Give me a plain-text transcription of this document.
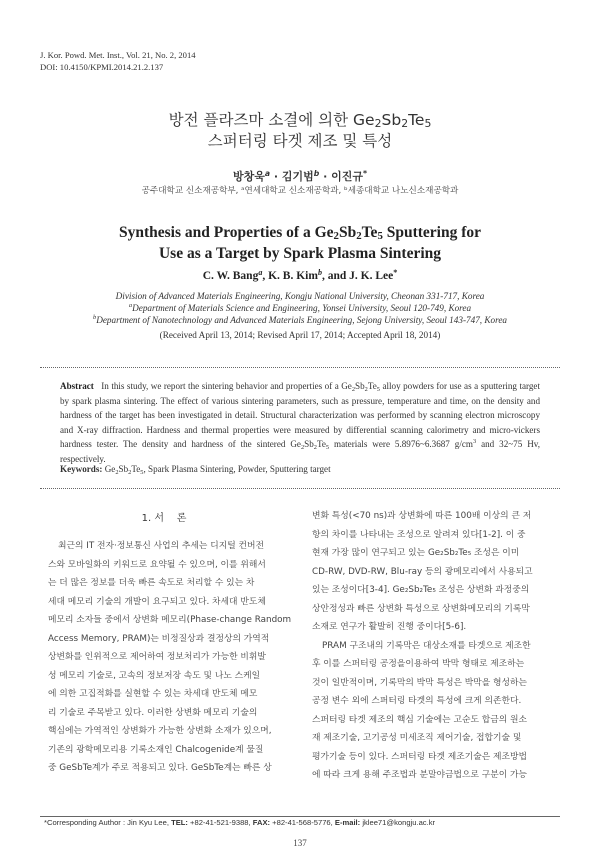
J. Kor. Powd. Met. Inst., Vol. 21, No. 2, 2014
DOI: 10.4150/KPMI.2014.21.2.137
방전 플라즈마 소결에 의한 $Ge_2Sb_2Te_5$
스퍼터링 타겟 제조 및 특성
방창욱$^a$ · 김기범$^b$ · 이진규*
공주대학교 신소재공학부, ᵃ연세대학교 신소재공학과, ᵇ세종대학교 나노신소재공학과
Synthesis and Properties of a $Ge_2Sb_2Te_5$ Sputtering for
Use as a Target by Spark Plasma Sintering
C. W. Bang$^a$, K. B. Kim$^b$, and J. K. Lee*
Division of Advanced Materials Engineering, Kongju National University, Cheonan 331-717, Korea
$^a$Department of Materials Science and Engineering, Yonsei University, Seoul 120-749, Korea
$^b$Department of Nanotechnology and Advanced Materials Engineering, Sejong University, Seoul 143-747, Korea
(Received April 13, 2014; Revised April 17, 2014; Accepted April 18, 2014)
Abstract In this study, we report the sintering behavior and properties of a $Ge_2Sb_2Te_5$ alloy powders for use as a sputtering target by spark plasma sintering. The effect of various sintering parameters, such as pressure, temperature and time, on the density and hardness of the target has been investigated in detail. Structural characterization was performed by scanning electron microscopy and X-ray diffraction. Hardness and thermal properties were measured by differential scanning calorimetry and micro-vickers hardness tester. The density and hardness of the sintered $Ge_2Sb_2Te_5$ materials were 5.8976~6.3687 $g/cm^3$ and 32~75 Hv, respectively.
Keywords: $Ge_2Sb_2Te_5$, Spark Plasma Sintering, Powder, Sputtering target
1. 서    론

최근의 IT 전자·정보통신 사업의 추세는 디지털 컨버전

스와 모바일화의 키워드로 요약될 수 있으며, 이를 위해서

는 더 많은 정보를 더욱 빠른 속도로 처리할 수 있는 차

세대 메모리 기술의 개발이 요구되고 있다. 차세대 반도체

메모리 소자들 중에서 상변화 메모리(Phase-change Random

Access Memory, PRAM)는 비정질상과 결정상의 가역적

상변화를 인위적으로 제어하여 정보처리가 가능한 비휘발

성 메모리 기술로, 고속의 정보저장 속도 및 나노 스케일

에 의한 고집적화를 실현할 수 있는 차세대 반도체 메모

리 기술로 주목받고 있다. 이러한 상변화 메모리 기술의

핵심에는 가역적인 상변화가 가능한 상변화 소재가 있으며,

기존의 광학메모리용 기록소재인 Chalcogenide계 물질

중 GeSbTe계가 주로 적용되고 있다. GeSbTe계는 빠른 상

변화 특성(<70 ns)과 상변화에 따른 100배 이상의 큰 저

항의 차이를 나타내는 조성으로 알려져 있다[1-2]. 이 중

현재 가장 많이 연구되고 있는 Ge₂Sb₂Te₅ 조성은 이미

CD-RW, DVD-RW, Blu-ray 등의 광메모리에서 사용되고

있는 조성이다[3-4]. Ge₂Sb₂Te₅ 조성은 상변화 과정중의

상안정성과 빠른 상변화 특성으로 상변화메모리의 기록막

소재로 연구가 활발히 진행 중이다[5-6].

PRAM 구조내의 기록막은 대상소재를 타겟으로 제조한

후 이를 스퍼터링 공정을이용하여 박막 형태로 제조하는

것이 일반적이며, 기록막의 박막 특성은 박막을 형성하는

공정 변수 외에 스퍼터링 타겟의 특성에 크게 의존한다.

스퍼터링 타겟 제조의 핵심 기술에는 고순도 합금의 원소

재 제조기술, 고기공성 미세조직 제어기술, 접합기술 및

평가기술 등이 있다. 스퍼터링 타겟 제조기술은 제조방법

에 따라 크게 용해 주조법과 분말야금법으로 구분이 가능

*Corresponding Author : Jin Kyu Lee, TEL: +82-41-521-9388, FAX: +82-41-568-5776, E-mail: jklee71@kongju.ac.kr
137
